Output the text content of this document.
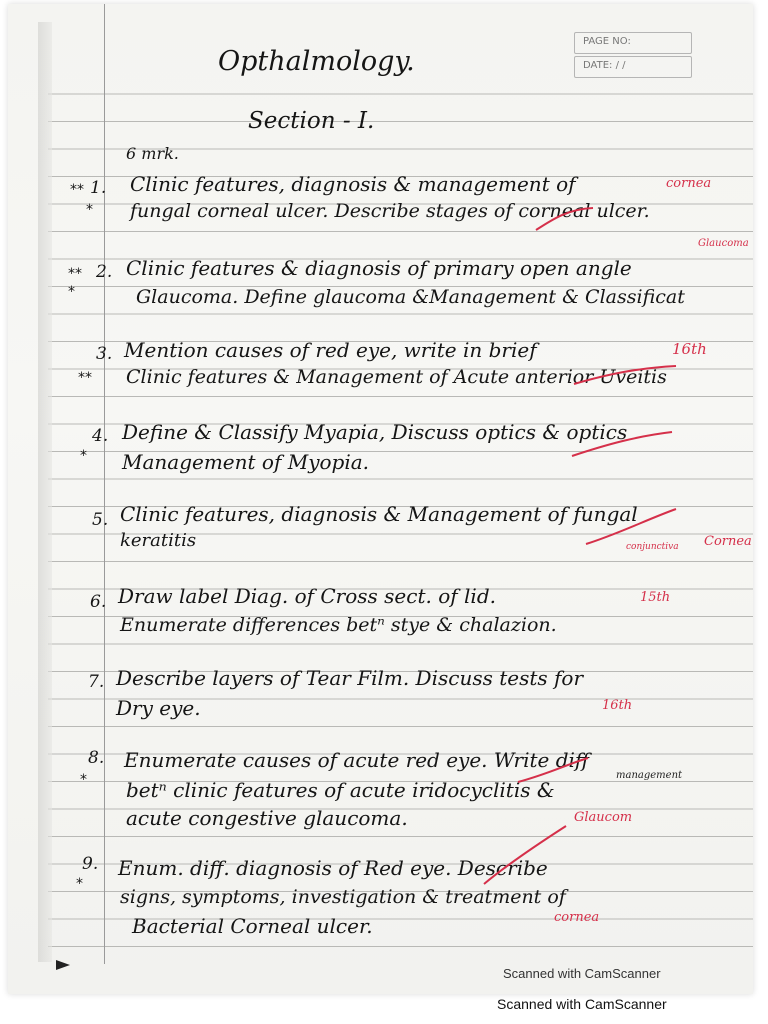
PAGE NO:
DATE: / /
Opthalmology.
Section - I.
6 mrk.
** 1.
*
Clinic features, diagnosis & management of
fungal corneal ulcer. Describe stages of corneal ulcer.
cornea
** 2.
*
Clinic features & diagnosis of primary open angle
Glaucoma. Define glaucoma &Management & Classificat
Glaucoma
3.
**
Mention causes of red eye, write in brief
Clinic features & Management of Acute anterior Uveitis
16th
4.
*
Define & Classify Myapia, Discuss optics & optics
Management of Myopia.
5. Clinic features, diagnosis & Management of fungal
keratitis	Cornea
conjunctiva
6. Draw label Diag. of Cross sect. of lid.
Enumerate differences betⁿ stye & chalazion.
15th
7. Describe layers of Tear Film. Discuss tests for
Dry eye.	16th
8.
*
Enumerate causes of acute red eye. Write diff
betⁿ clinic features of acute iridocyclitis &
acute congestive glaucoma.
management
Glaucom
9.
*
Enum. diff. diagnosis of Red eye. Describe
signs, symptoms, investigation & treatment of
Bacterial Corneal ulcer.	cornea
Scanned with CamScanner
Scanned with CamScanner
